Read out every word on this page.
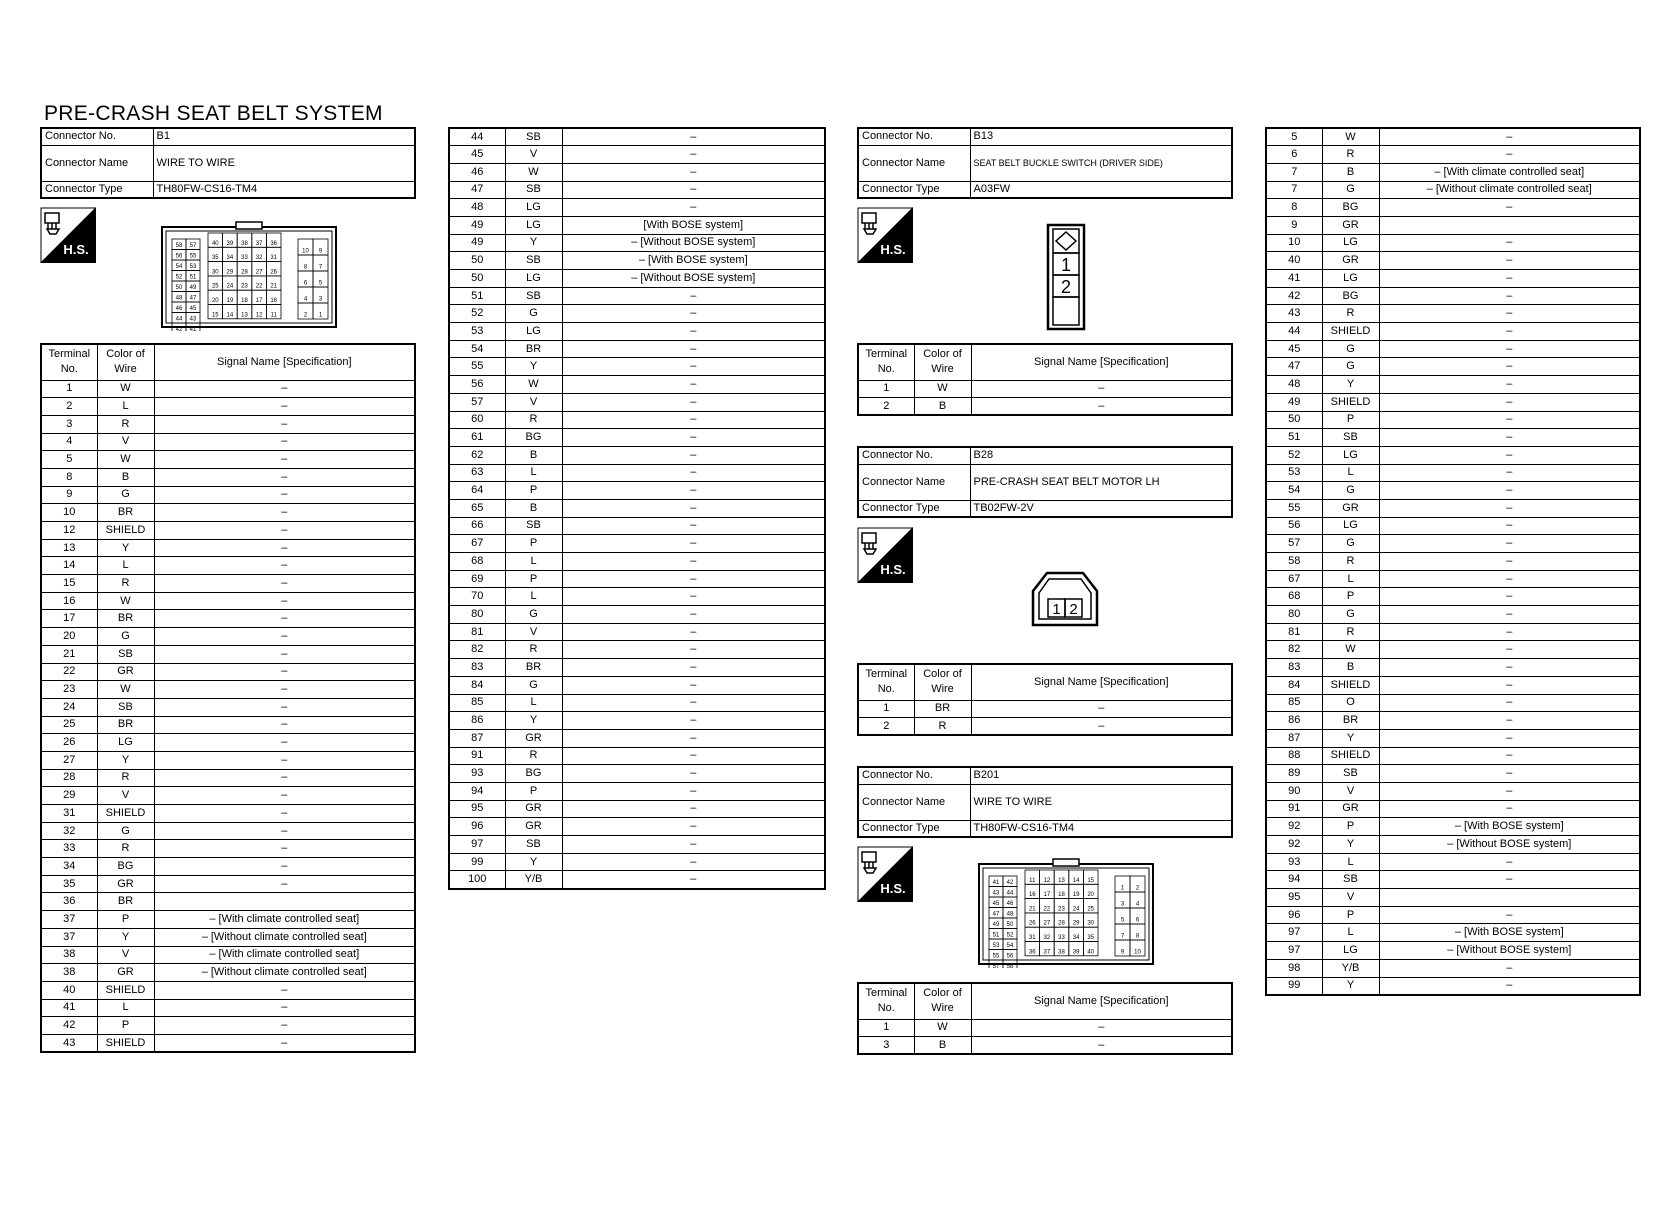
PRE-CRASH SEAT BELT SYSTEM
Connector No.	B1
Connector Name	WIRE TO WIRE
Connector Type	TH80FW-CS16-TM4
H.S.	58 57
56 55
54 53
52 51
50 49
48 47
46 45
44 43
42 41
40 39 38 37 36
35 34 33 32 31
30 29 28 27 26
25 24 23 22 21
20 19 18 17 16
15 14 13 12 11
10 9
8 7
6 5
4 3
2 1
Terminal No.	Color of Wire	Signal Name [Specification]
1	W	–
2	L	–
3	R	–
4	V	–
5	W	–
8	B	–
9	G	–
10	BR	–
12	SHIELD	–
13	Y	–
14	L	–
15	R	–
16	W	–
17	BR	–
20	G	–
21	SB	–
22	GR	–
23	W	–
24	SB	–
25	BR	–
26	LG	–
27	Y	–
28	R	–
29	V	–
31	SHIELD	–
32	G	–
33	R	–
34	BG	–
35	GR	–
36	BR	
37	P	– [With climate controlled seat]
37	Y	– [Without climate controlled seat]
38	V	– [With climate controlled seat]
38	GR	– [Without climate controlled seat]
40	SHIELD	–
41	L	–
42	P	–
43	SHIELD	–
44	SB	–
45	V	–
46	W	–
47	SB	–
48	LG	–
49	LG	[With BOSE system]
49	Y	– [Without BOSE system]
50	SB	– [With BOSE system]
50	LG	– [Without BOSE system]
51	SB	–
52	G	–
53	LG	–
54	BR	–
55	Y	–
56	W	–
57	V	–
60	R	–
61	BG	–
62	B	–
63	L	–
64	P	–
65	B	–
66	SB	–
67	P	–
68	L	–
69	P	–
70	L	–
80	G	–
81	V	–
82	R	–
83	BR	–
84	G	–
85	L	–
86	Y	–
87	GR	–
91	R	–
93	BG	–
94	P	–
95	GR	–
96	GR	–
97	SB	–
99	Y	–
100	Y/B	–
Connector No.	B13
Connector Name	SEAT BELT BUCKLE SWITCH (DRIVER SIDE)
Connector Type	A03FW
H.S.
1
2
Terminal No.	Color of Wire	Signal Name [Specification]
1	W	–
2	B	–
Connector No.	B28
Connector Name	PRE-CRASH SEAT BELT MOTOR LH
Connector Type	TB02FW-2V
H.S.
1 2
Terminal No.	Color of Wire	Signal Name [Specification]
1	BR	–
2	R	–
Connector No.	B201
Connector Name	WIRE TO WIRE
Connector Type	TH80FW-CS16-TM4
H.S.	41 42
43 44
45 46
47 48
49 50
51 52
53 54
55 56
57 58
11 12 13 14 15
16 17 18 19 20
21 22 23 24 25
26 27 28 29 30
31 32 33 34 35
36 37 38 39 40
1 2
3 4
5 6
7 8
9 10
Terminal No.	Color of Wire	Signal Name [Specification]
1	W	–
3	B	–
5	W	–
6	R	–
7	B	– [With climate controlled seat]
7	G	– [Without climate controlled seat]
8	BG	–
9	GR	
10	LG	–
40	GR	–
41	LG	–
42	BG	–
43	R	–
44	SHIELD	–
45	G	–
47	G	–
48	Y	–
49	SHIELD	–
50	P	–
51	SB	–
52	LG	–
53	L	–
54	G	–
55	GR	–
56	LG	–
57	G	–
58	R	–
67	L	–
68	P	–
80	G	–
81	R	–
82	W	–
83	B	–
84	SHIELD	–
85	O	–
86	BR	–
87	Y	–
88	SHIELD	–
89	SB	–
90	V	–
91	GR	–
92	P	– [With BOSE system]
92	Y	– [Without BOSE system]
93	L	–
94	SB	–
95	V	
96	P	–
97	L	– [With BOSE system]
97	LG	– [Without BOSE system]
98	Y/B	–
99	Y	–
